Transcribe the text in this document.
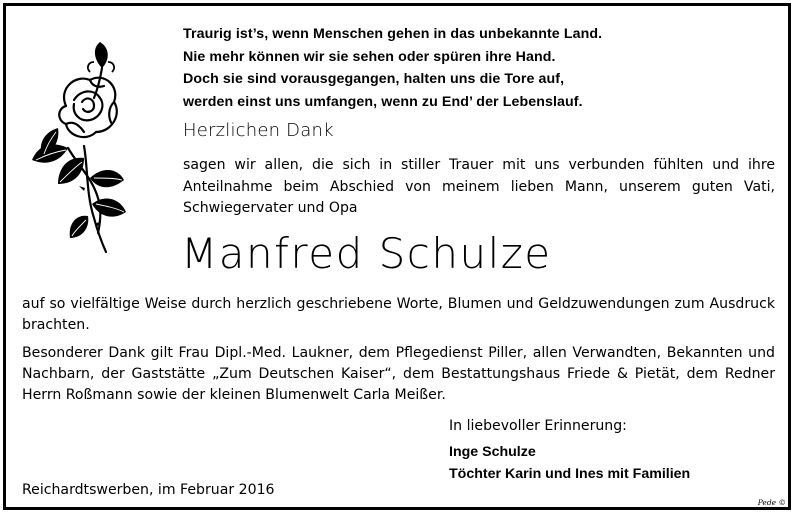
Traurig ist’s, wenn Menschen gehen in das unbekannte Land.
Nie mehr können wir sie sehen oder spüren ihre Hand.
Doch sie sind vorausgegangen, halten uns die Tore auf,
werden einst uns umfangen, wenn zu End’ der Lebenslauf.
Herzlichen Dank
sagen wir allen, die sich in stiller Trauer mit uns verbunden fühlten und ihre Anteilnahme beim Abschied von meinem lieben Mann, unserem guten Vati, Schwiegervater und Opa
Manfred Schulze
auf so vielfältige Weise durch herzlich geschriebene Worte, Blumen und Geldzuwendungen zum Ausdruck brachten.
Besonderer Dank gilt Frau Dipl.-Med. Laukner, dem Pflegedienst Piller, allen Verwandten, Bekannten und Nachbarn, der Gaststätte „Zum Deutschen Kaiser“, dem Bestattungshaus Friede & Pietät, dem Redner Herrn Roßmann sowie der kleinen Blumenwelt Carla Meißer.
In liebevoller Erinnerung:
Inge Schulze
Töchter Karin und Ines mit Familien
Reichardtswerben, im Februar 2016
Pede ©
